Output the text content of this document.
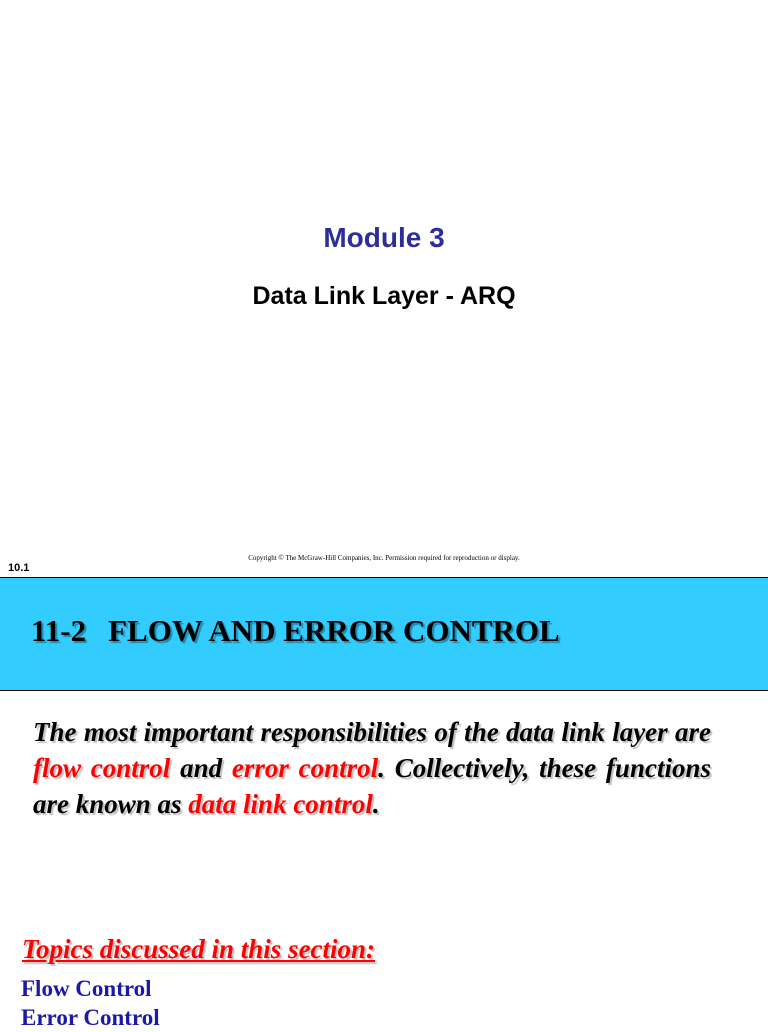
Module 3
Data Link Layer - ARQ
Copyright © The McGraw-Hill Companies, Inc. Permission required for reproduction or display.
10.1
11-2 FLOW AND ERROR CONTROL
The most important responsibilities of the data link layer are flow control and error control. Collectively, these functions are known as data link control.
Topics discussed in this section:
Flow Control
Error Control
